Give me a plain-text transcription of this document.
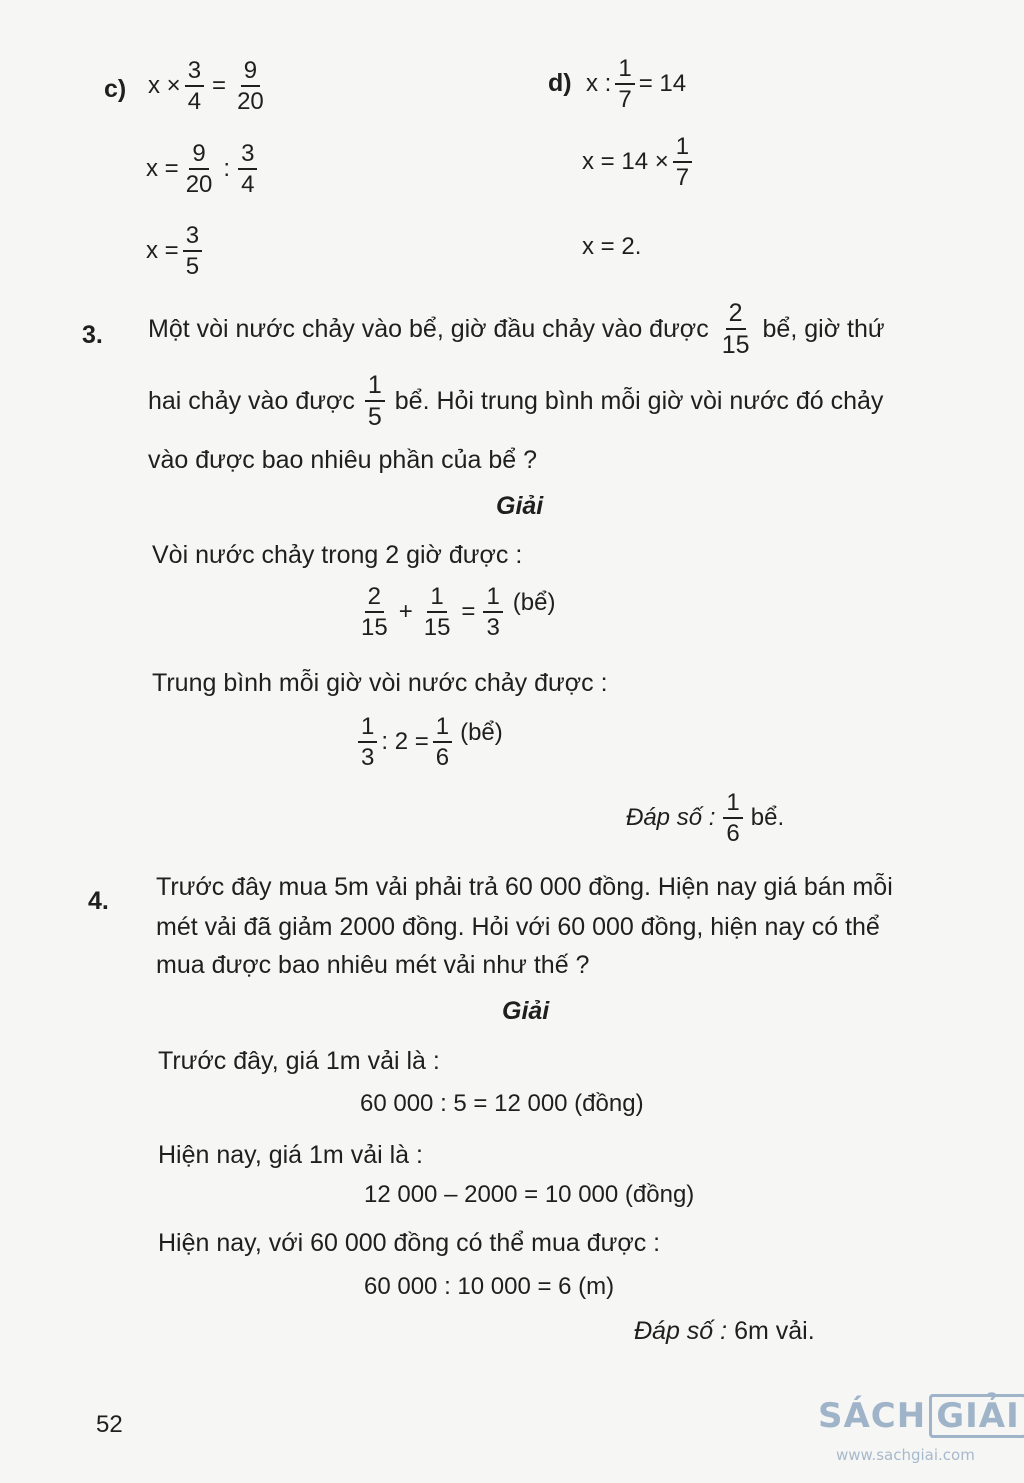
c) $x \times \frac{3}{4} = \frac{9}{20}$
$x = \frac{9}{20}$ : $\frac{3}{4}$
$x = \frac{3}{5}$
d) x : $\frac{1}{7} = 14$
$x = 14 \times \frac{1}{7}$
x = 2.
3. Một vòi nước chảy vào bể, giờ đầu chảy vào được $\frac{2}{15}$ bể, giờ thứ
hai chảy vào được $\frac{1}{5}$ bể. Hỏi trung bình mỗi giờ vòi nước đó chảy
vào được bao nhiêu phần của bể ?
Giải
Vòi nước chảy trong 2 giờ được :
$\frac{2}{15} + \frac{1}{15} = \frac{1}{3}$ (bể)
Trung bình mỗi giờ vòi nước chảy được :
$\frac{1}{3}$ : $2 = \frac{1}{6}$ (bể)
Đáp số : $\frac{1}{6}$ bể.
4. Trước đây mua 5m vải phải trả 60 000 đồng. Hiện nay giá bán mỗi
mét vải đã giảm 2000 đồng. Hỏi với 60 000 đồng, hiện nay có thể
mua được bao nhiêu mét vải như thế ?
Giải
Trước đây, giá 1m vải là :
60 000 : 5 = 12 000 (đồng)
Hiện nay, giá 1m vải là :
12 000 – 2000 = 10 000 (đồng)
Hiện nay, với 60 000 đồng có thể mua được :
60 000 : 10 000 = 6 (m)
Đáp số : 6m vải.
52	SÁCH GIẢI
www.sachgiai.com
